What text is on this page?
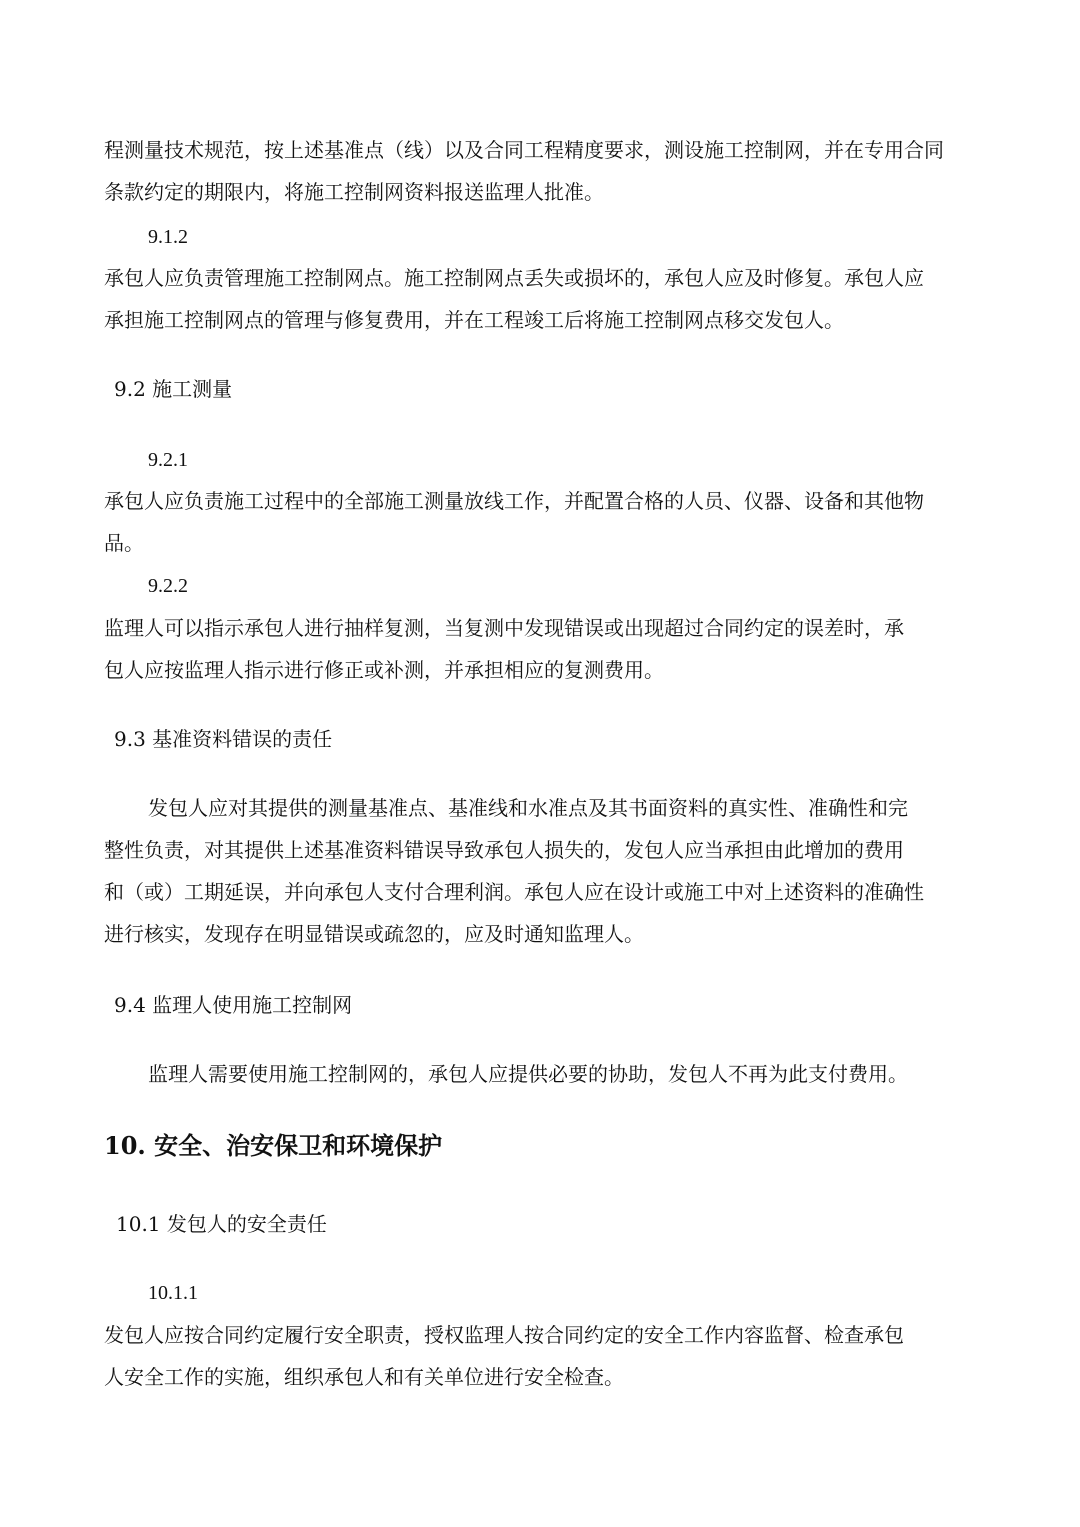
程测量技术规范，按上述基准点（线）以及合同工程精度要求，测设施工控制网，并在专用合同

条款约定的期限内，将施工控制网资料报送监理人批准。

9.1.2

承包人应负责管理施工控制网点。施工控制网点丢失或损坏的，承包人应及时修复。承包人应

承担施工控制网点的管理与修复费用，并在工程竣工后将施工控制网点移交发包人。

9.2 施工测量

9.2.1

承包人应负责施工过程中的全部施工测量放线工作，并配置合格的人员、仪器、设备和其他物

品。

9.2.2

监理人可以指示承包人进行抽样复测，当复测中发现错误或出现超过合同约定的误差时，承

包人应按监理人指示进行修正或补测，并承担相应的复测费用。

9.3 基准资料错误的责任

发包人应对其提供的测量基准点、基准线和水准点及其书面资料的真实性、准确性和完

整性负责，对其提供上述基准资料错误导致承包人损失的，发包人应当承担由此增加的费用

和（或）工期延误，并向承包人支付合理利润。承包人应在设计或施工中对上述资料的准确性

进行核实，发现存在明显错误或疏忽的，应及时通知监理人。

9.4 监理人使用施工控制网

监理人需要使用施工控制网的，承包人应提供必要的协助，发包人不再为此支付费用。

10. 安全、治安保卫和环境保护

10.1 发包人的安全责任

10.1.1

发包人应按合同约定履行安全职责，授权监理人按合同约定的安全工作内容监督、检查承包

人安全工作的实施，组织承包人和有关单位进行安全检查。
